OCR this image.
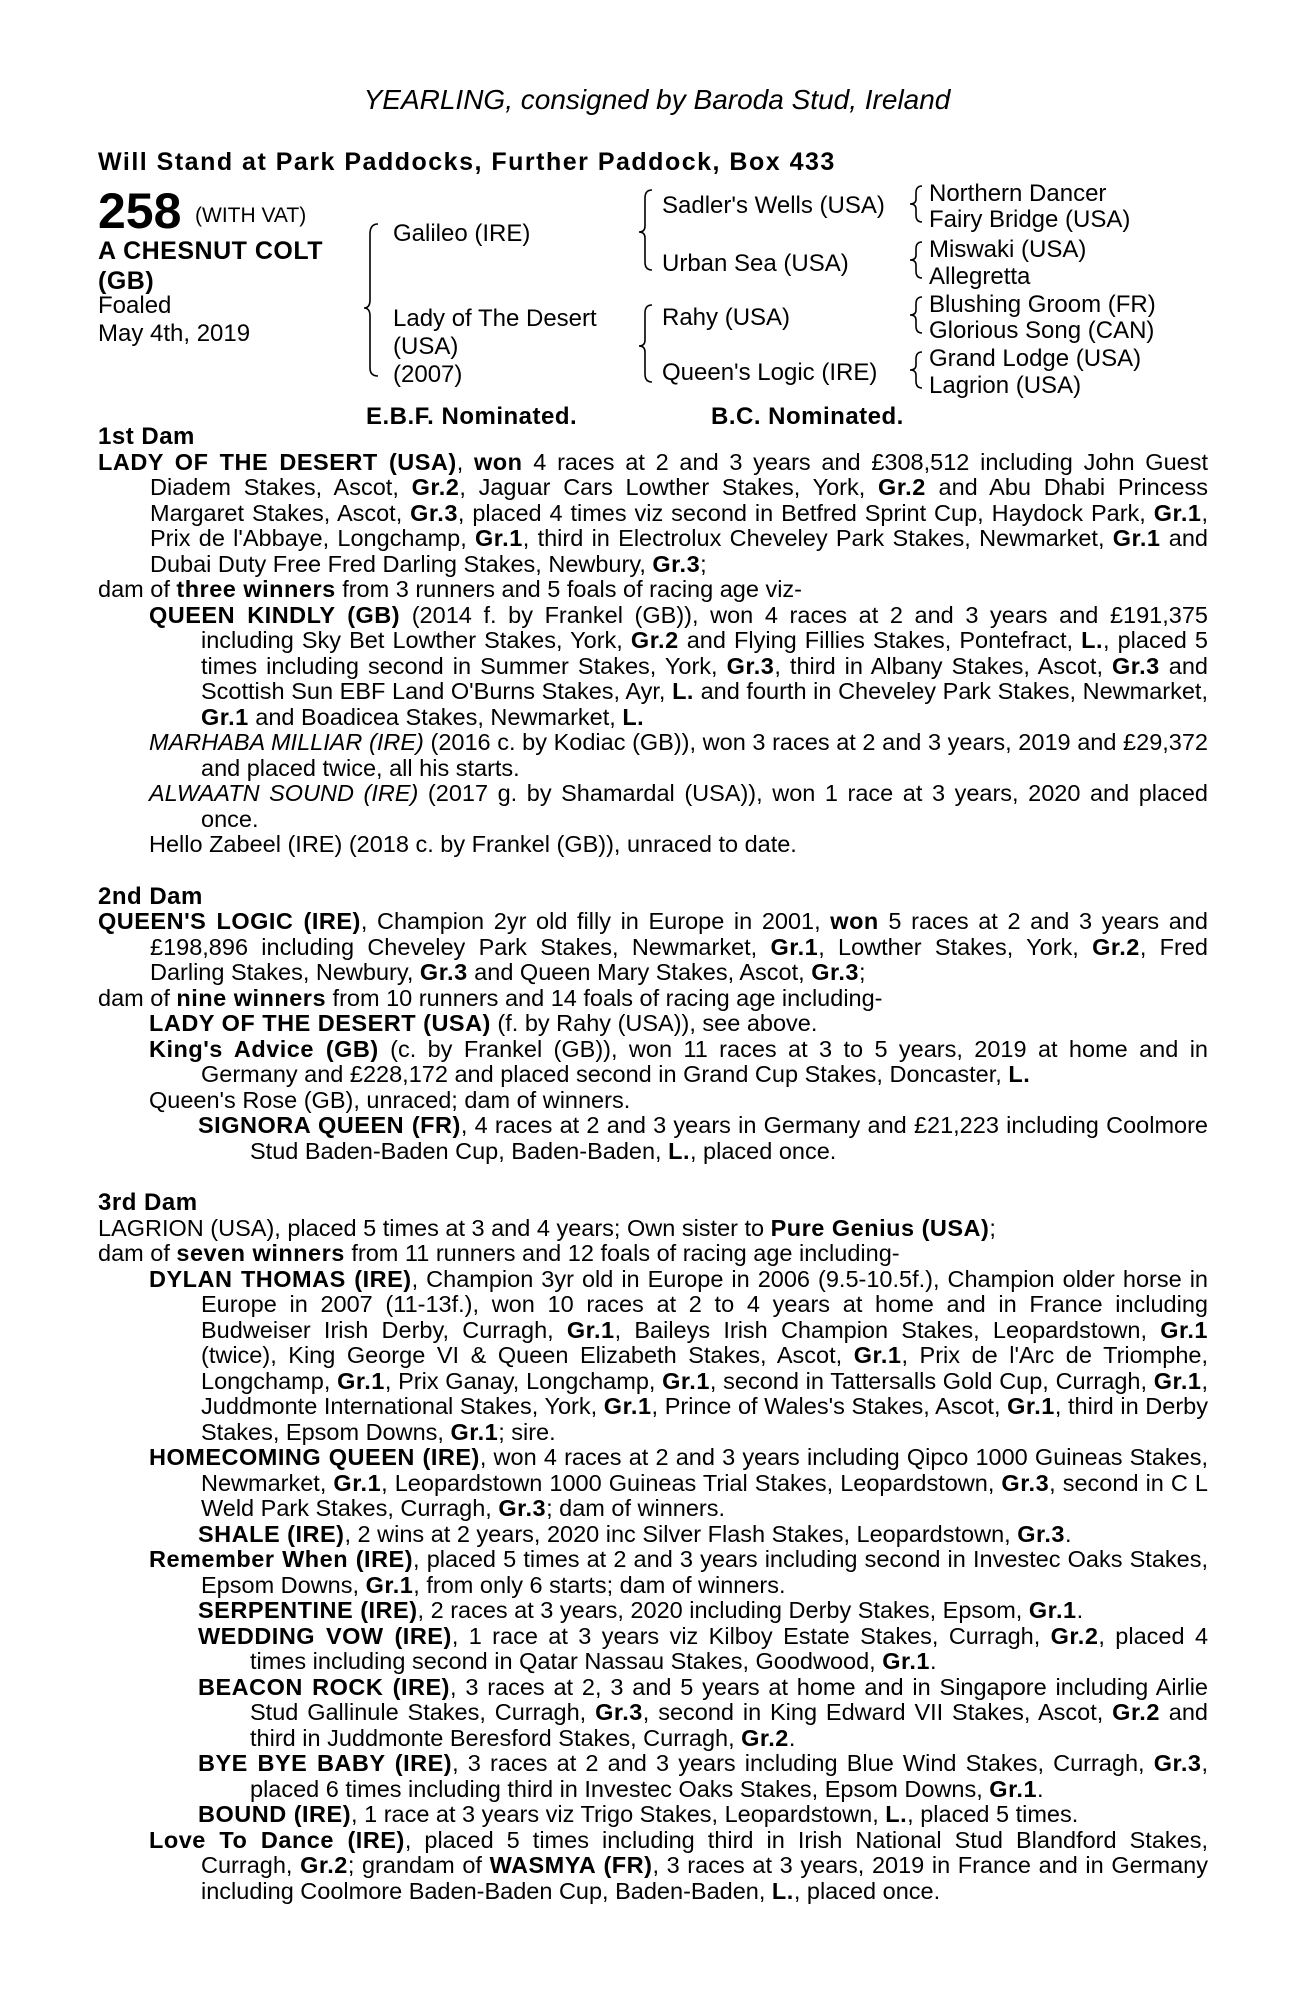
YEARLING, consigned by Baroda Stud, Ireland
Will Stand at Park Paddocks, Further Paddock, Box 433
258 (WITH VAT)
A CHESNUT COLT
(GB)
Foaled
May 4th, 2019
Galileo (IRE)
Lady of The Desert
(USA)
(2007)
Sadler's Wells (USA)
Urban Sea (USA)
Rahy (USA)
Queen's Logic (IRE)
Northern Dancer
Fairy Bridge (USA)
Miswaki (USA)
Allegretta
Blushing Groom (FR)
Glorious Song (CAN)
Grand Lodge (USA)
Lagrion (USA)
E.B.F. Nominated.	B.C. Nominated.

1st Dam

LADY OF THE DESERT (USA), won 4 races at 2 and 3 years and £308,512 including John Guest Diadem Stakes, Ascot, Gr.2, Jaguar Cars Lowther Stakes, York, Gr.2 and Abu Dhabi Princess Margaret Stakes, Ascot, Gr.3, placed 4 times viz second in Betfred Sprint Cup, Haydock Park, Gr.1, Prix de l'Abbaye, Longchamp, Gr.1, third in Electrolux Cheveley Park Stakes, Newmarket, Gr.1 and Dubai Duty Free Fred Darling Stakes, Newbury, Gr.3;

dam of three winners from 3 runners and 5 foals of racing age viz-

QUEEN KINDLY (GB) (2014 f. by Frankel (GB)), won 4 races at 2 and 3 years and £191,375 including Sky Bet Lowther Stakes, York, Gr.2 and Flying Fillies Stakes, Pontefract, L., placed 5 times including second in Summer Stakes, York, Gr.3, third in Albany Stakes, Ascot, Gr.3 and Scottish Sun EBF Land O'Burns Stakes, Ayr, L. and fourth in Cheveley Park Stakes, Newmarket, Gr.1 and Boadicea Stakes, Newmarket, L.

MARHABA MILLIAR (IRE) (2016 c. by Kodiac (GB)), won 3 races at 2 and 3 years, 2019 and £29,372 and placed twice, all his starts.

ALWAATN SOUND (IRE) (2017 g. by Shamardal (USA)), won 1 race at 3 years, 2020 and placed once.

Hello Zabeel (IRE) (2018 c. by Frankel (GB)), unraced to date.

2nd Dam

QUEEN'S LOGIC (IRE), Champion 2yr old filly in Europe in 2001, won 5 races at 2 and 3 years and £198,896 including Cheveley Park Stakes, Newmarket, Gr.1, Lowther Stakes, York, Gr.2, Fred Darling Stakes, Newbury, Gr.3 and Queen Mary Stakes, Ascot, Gr.3;

dam of nine winners from 10 runners and 14 foals of racing age including-

LADY OF THE DESERT (USA) (f. by Rahy (USA)), see above.

King's Advice (GB) (c. by Frankel (GB)), won 11 races at 3 to 5 years, 2019 at home and in Germany and £228,172 and placed second in Grand Cup Stakes, Doncaster, L.

Queen's Rose (GB), unraced; dam of winners.

SIGNORA QUEEN (FR), 4 races at 2 and 3 years in Germany and £21,223 including Coolmore Stud Baden-Baden Cup, Baden-Baden, L., placed once.

3rd Dam

LAGRION (USA), placed 5 times at 3 and 4 years; Own sister to Pure Genius (USA);

dam of seven winners from 11 runners and 12 foals of racing age including-

DYLAN THOMAS (IRE), Champion 3yr old in Europe in 2006 (9.5-10.5f.), Champion older horse in Europe in 2007 (11-13f.), won 10 races at 2 to 4 years at home and in France including Budweiser Irish Derby, Curragh, Gr.1, Baileys Irish Champion Stakes, Leopardstown, Gr.1 (twice), King George VI & Queen Elizabeth Stakes, Ascot, Gr.1, Prix de l'Arc de Triomphe, Longchamp, Gr.1, Prix Ganay, Longchamp, Gr.1, second in Tattersalls Gold Cup, Curragh, Gr.1, Juddmonte International Stakes, York, Gr.1, Prince of Wales's Stakes, Ascot, Gr.1, third in Derby Stakes, Epsom Downs, Gr.1; sire.

HOMECOMING QUEEN (IRE), won 4 races at 2 and 3 years including Qipco 1000 Guineas Stakes, Newmarket, Gr.1, Leopardstown 1000 Guineas Trial Stakes, Leopardstown, Gr.3, second in C L Weld Park Stakes, Curragh, Gr.3; dam of winners.

SHALE (IRE), 2 wins at 2 years, 2020 inc Silver Flash Stakes, Leopardstown, Gr.3.

Remember When (IRE), placed 5 times at 2 and 3 years including second in Investec Oaks Stakes, Epsom Downs, Gr.1, from only 6 starts; dam of winners.

SERPENTINE (IRE), 2 races at 3 years, 2020 including Derby Stakes, Epsom, Gr.1.

WEDDING VOW (IRE), 1 race at 3 years viz Kilboy Estate Stakes, Curragh, Gr.2, placed 4 times including second in Qatar Nassau Stakes, Goodwood, Gr.1.

BEACON ROCK (IRE), 3 races at 2, 3 and 5 years at home and in Singapore including Airlie Stud Gallinule Stakes, Curragh, Gr.3, second in King Edward VII Stakes, Ascot, Gr.2 and third in Juddmonte Beresford Stakes, Curragh, Gr.2.

BYE BYE BABY (IRE), 3 races at 2 and 3 years including Blue Wind Stakes, Curragh, Gr.3, placed 6 times including third in Investec Oaks Stakes, Epsom Downs, Gr.1.

BOUND (IRE), 1 race at 3 years viz Trigo Stakes, Leopardstown, L., placed 5 times.

Love To Dance (IRE), placed 5 times including third in Irish National Stud Blandford Stakes, Curragh, Gr.2; grandam of WASMYA (FR), 3 races at 3 years, 2019 in France and in Germany including Coolmore Baden-Baden Cup, Baden-Baden, L., placed once.
